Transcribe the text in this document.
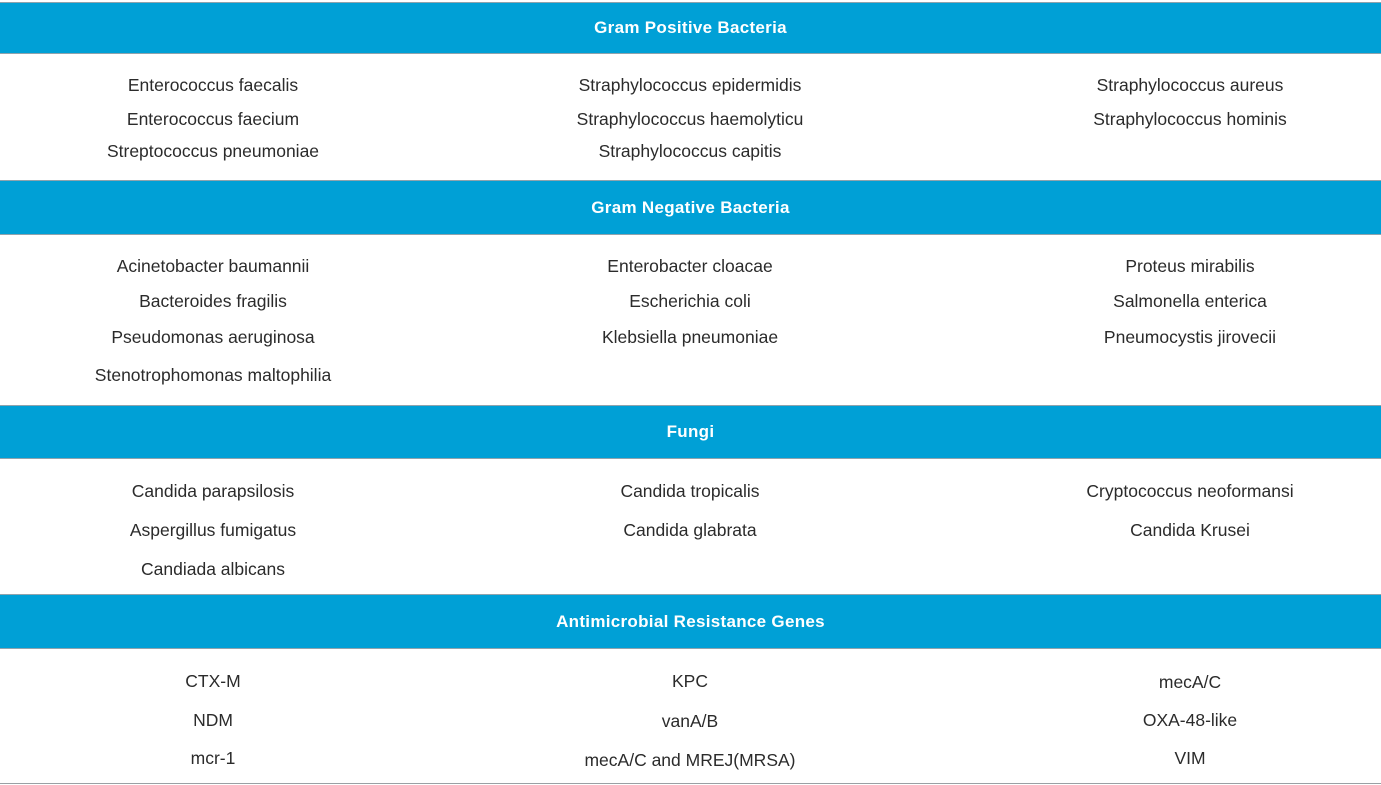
Gram Positive Bacteria
Enterococcus faecalis
Enterococcus faecium
Streptococcus pneumoniae
Straphylococcus epidermidis
Straphylococcus haemolyticu
Straphylococcus capitis
Straphylococcus aureus
Straphylococcus hominis
Gram Negative Bacteria
Acinetobacter baumannii
Bacteroides fragilis
Pseudomonas aeruginosa
Stenotrophomonas maltophilia
Enterobacter cloacae
Escherichia coli
Klebsiella pneumoniae
Proteus mirabilis
Salmonella enterica
Pneumocystis jirovecii
Fungi
Candida parapsilosis
Aspergillus fumigatus
Candiada albicans
Candida tropicalis
Candida glabrata
Cryptococcus neoformansi
Candida Krusei
Antimicrobial Resistance Genes
CTX-M
NDM
mcr-1
KPC
vanA/B
mecA/C and MREJ(MRSA)
mecA/C
OXA-48-like
VIM
